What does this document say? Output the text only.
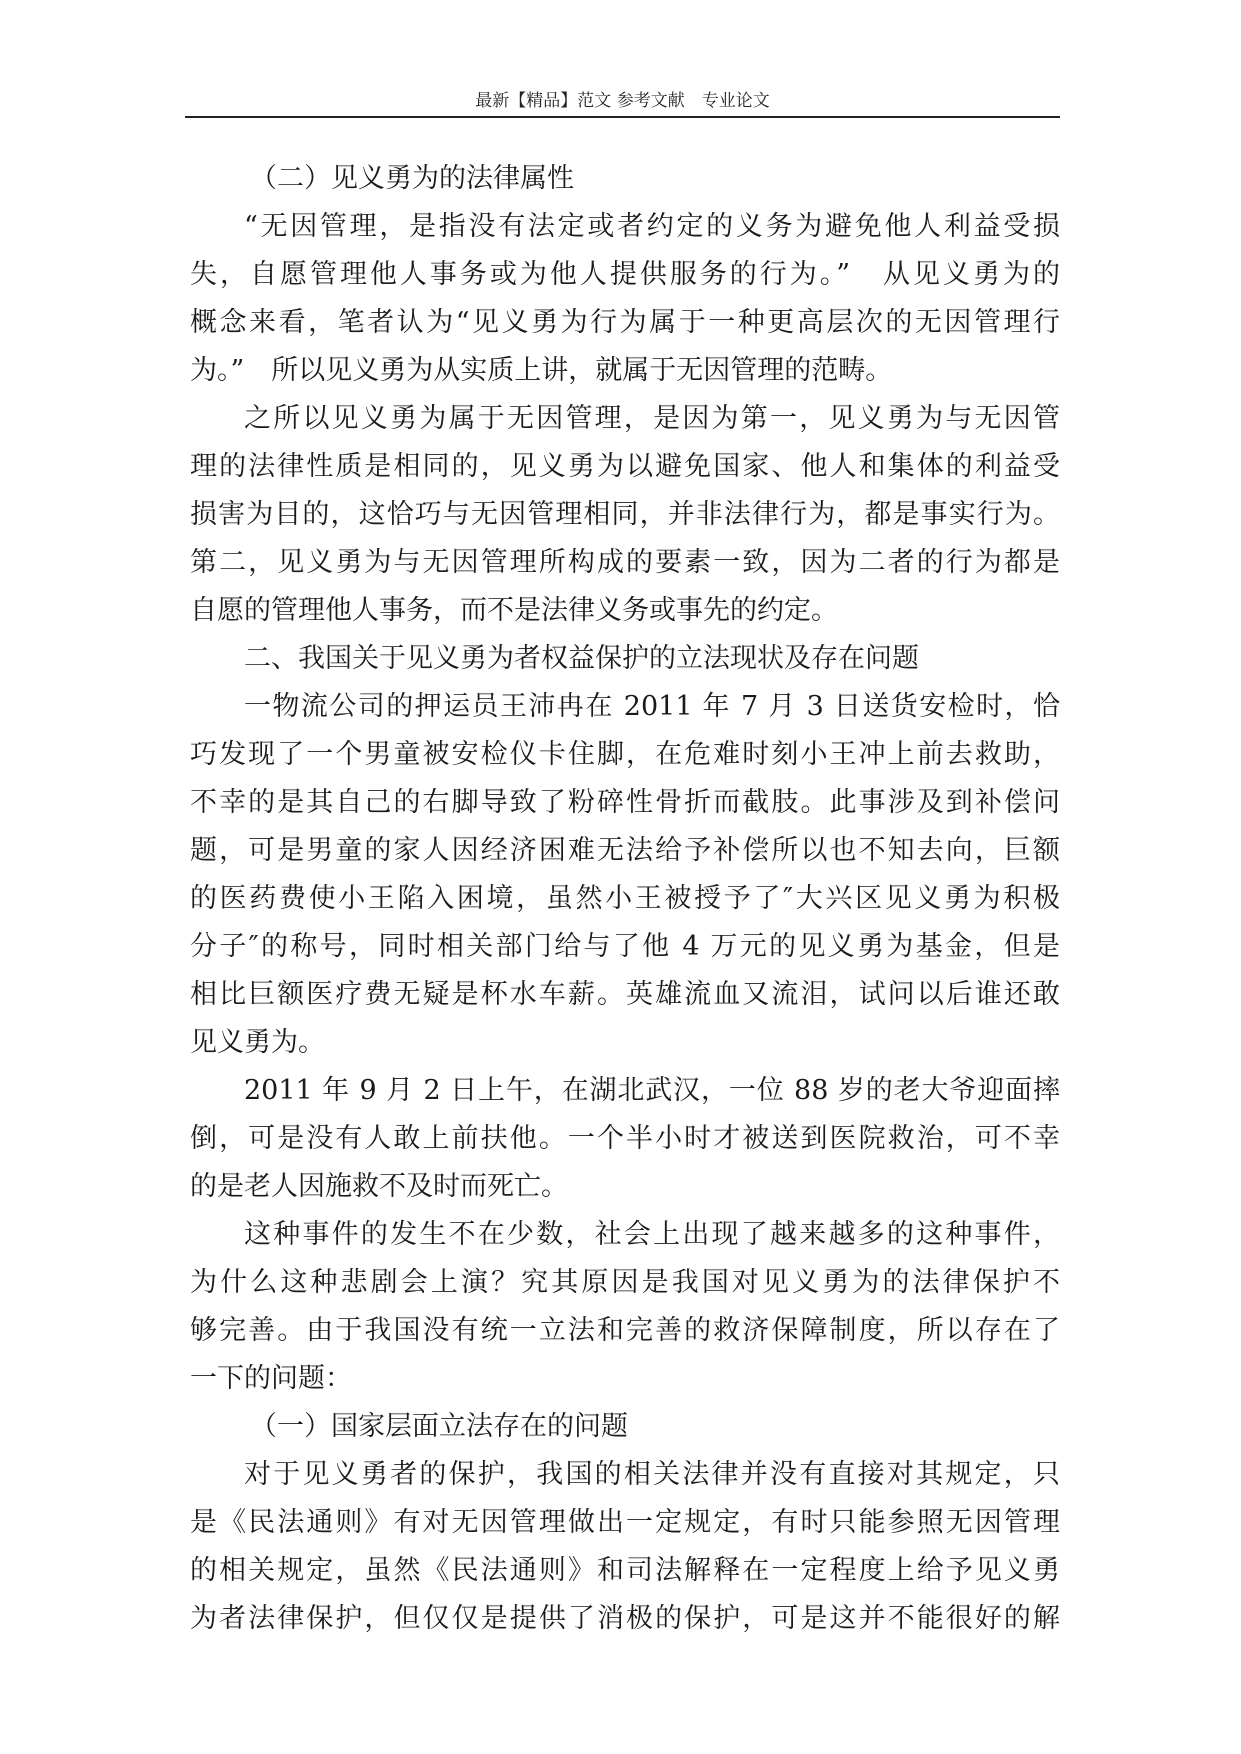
最新【精品】范文 参考文献　专业论文
（二）见义勇为的法律属性
“无因管理，是指没有法定或者约定的义务为避免他人利益受损
失，自愿管理他人事务或为他人提供服务的行为。”　从见义勇为的
概念来看，笔者认为“见义勇为行为属于一种更高层次的无因管理行
为。”　所以见义勇为从实质上讲，就属于无因管理的范畴。
之所以见义勇为属于无因管理，是因为第一，见义勇为与无因管
理的法律性质是相同的，见义勇为以避免国家、他人和集体的利益受
损害为目的，这恰巧与无因管理相同，并非法律行为，都是事实行为。
第二，见义勇为与无因管理所构成的要素一致，因为二者的行为都是
自愿的管理他人事务，而不是法律义务或事先的约定。
二、我国关于见义勇为者权益保护的立法现状及存在问题
一物流公司的押运员王沛冉在 2011 年 7 月 3 日送货安检时，恰
巧发现了一个男童被安检仪卡住脚，在危难时刻小王冲上前去救助，
不幸的是其自己的右脚导致了粉碎性骨折而截肢。此事涉及到补偿问
题，可是男童的家人因经济困难无法给予补偿所以也不知去向，巨额
的医药费使小王陷入困境，虽然小王被授予了″大兴区见义勇为积极
分子″的称号，同时相关部门给与了他 4 万元的见义勇为基金，但是
相比巨额医疗费无疑是杯水车薪。英雄流血又流泪，试问以后谁还敢
见义勇为。
2011 年 9 月 2 日上午，在湖北武汉，一位 88 岁的老大爷迎面摔
倒，可是没有人敢上前扶他。一个半小时才被送到医院救治，可不幸
的是老人因施救不及时而死亡。
这种事件的发生不在少数，社会上出现了越来越多的这种事件，
为什么这种悲剧会上演？究其原因是我国对见义勇为的法律保护不
够完善。由于我国没有统一立法和完善的救济保障制度，所以存在了
一下的问题：
（一）国家层面立法存在的问题
对于见义勇者的保护，我国的相关法律并没有直接对其规定，只
是《民法通则》有对无因管理做出一定规定，有时只能参照无因管理
的相关规定，虽然《民法通则》和司法解释在一定程度上给予见义勇
为者法律保护，但仅仅是提供了消极的保护，可是这并不能很好的解
